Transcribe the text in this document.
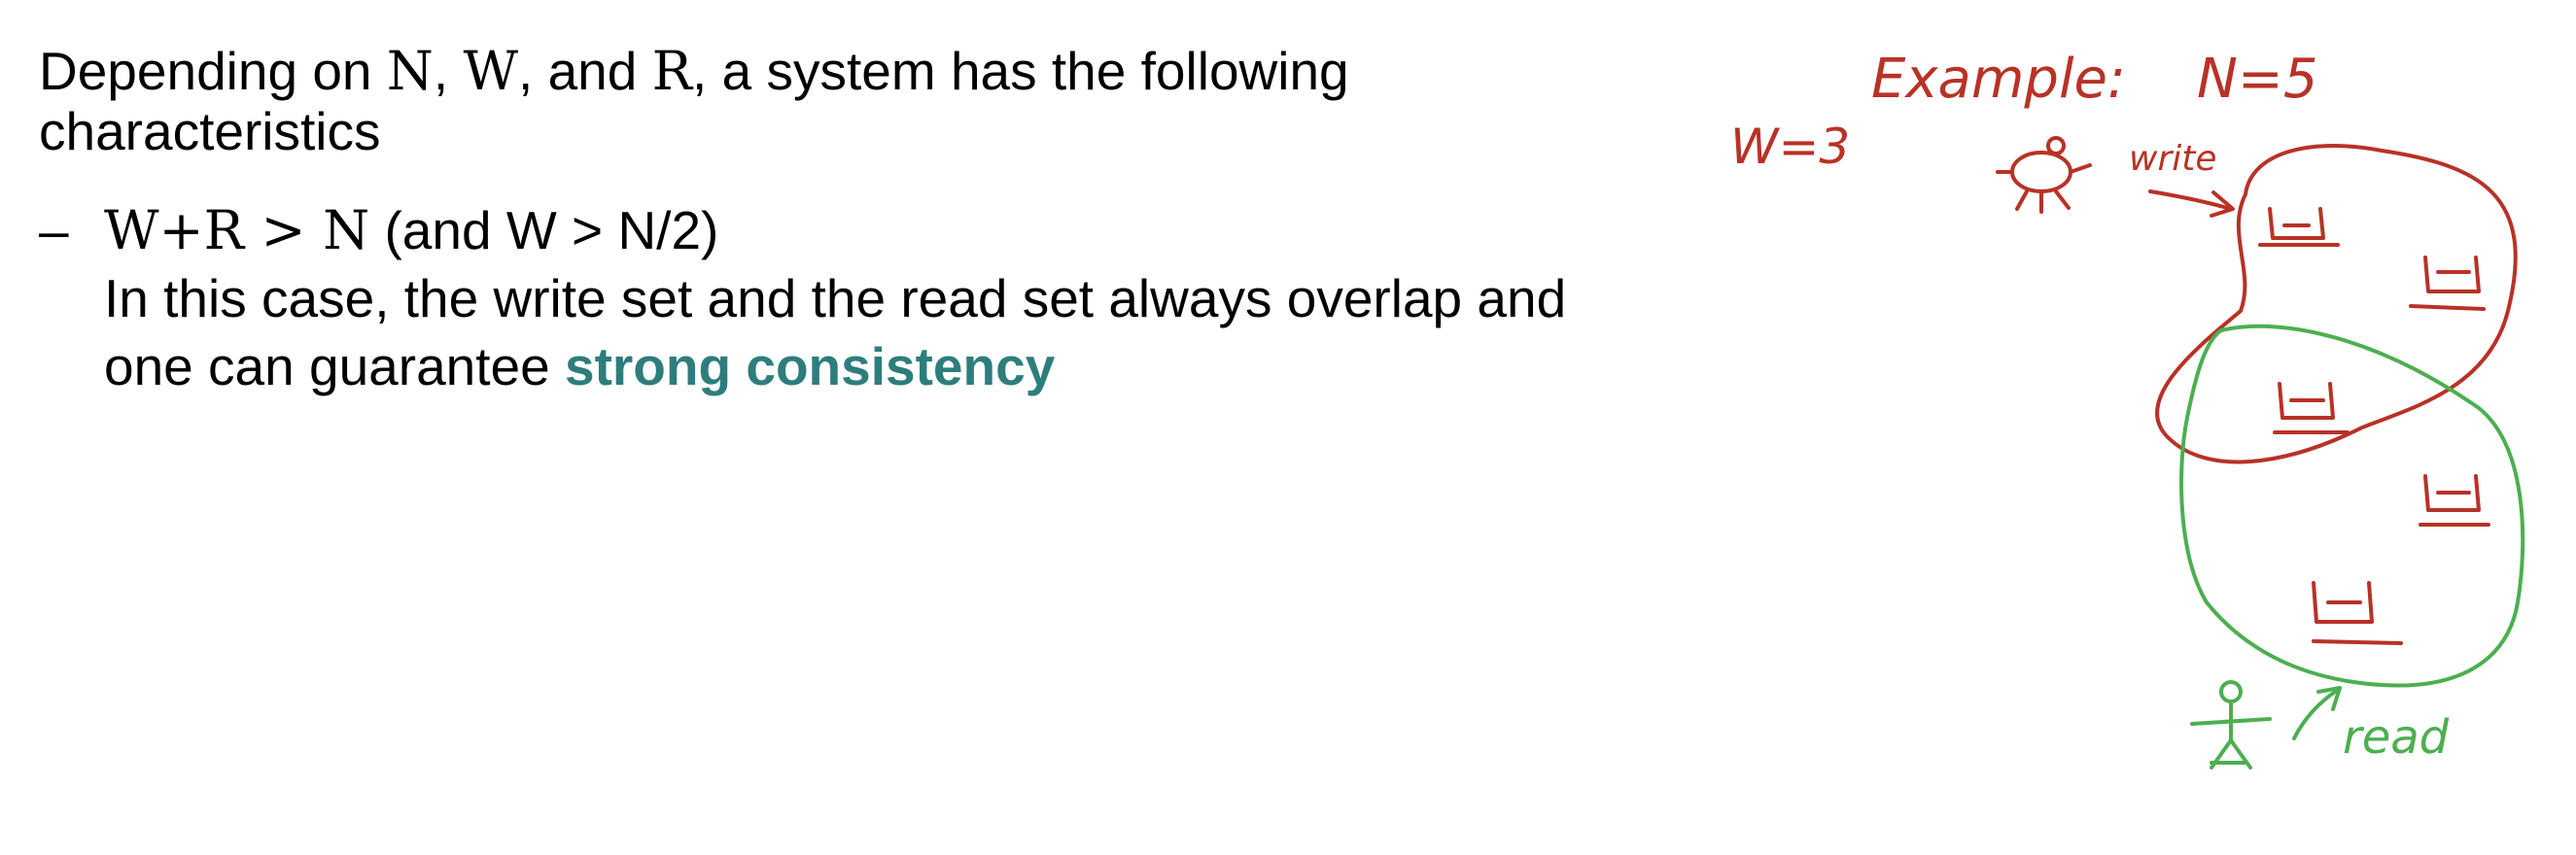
Depending on N, W, and R, a system has the following characteristics

– W+R > N (and W > N/2)
In this case, the write set and the read set always overlap and
one can guarantee strong consistency
Example: N=5
W=3	write
read
